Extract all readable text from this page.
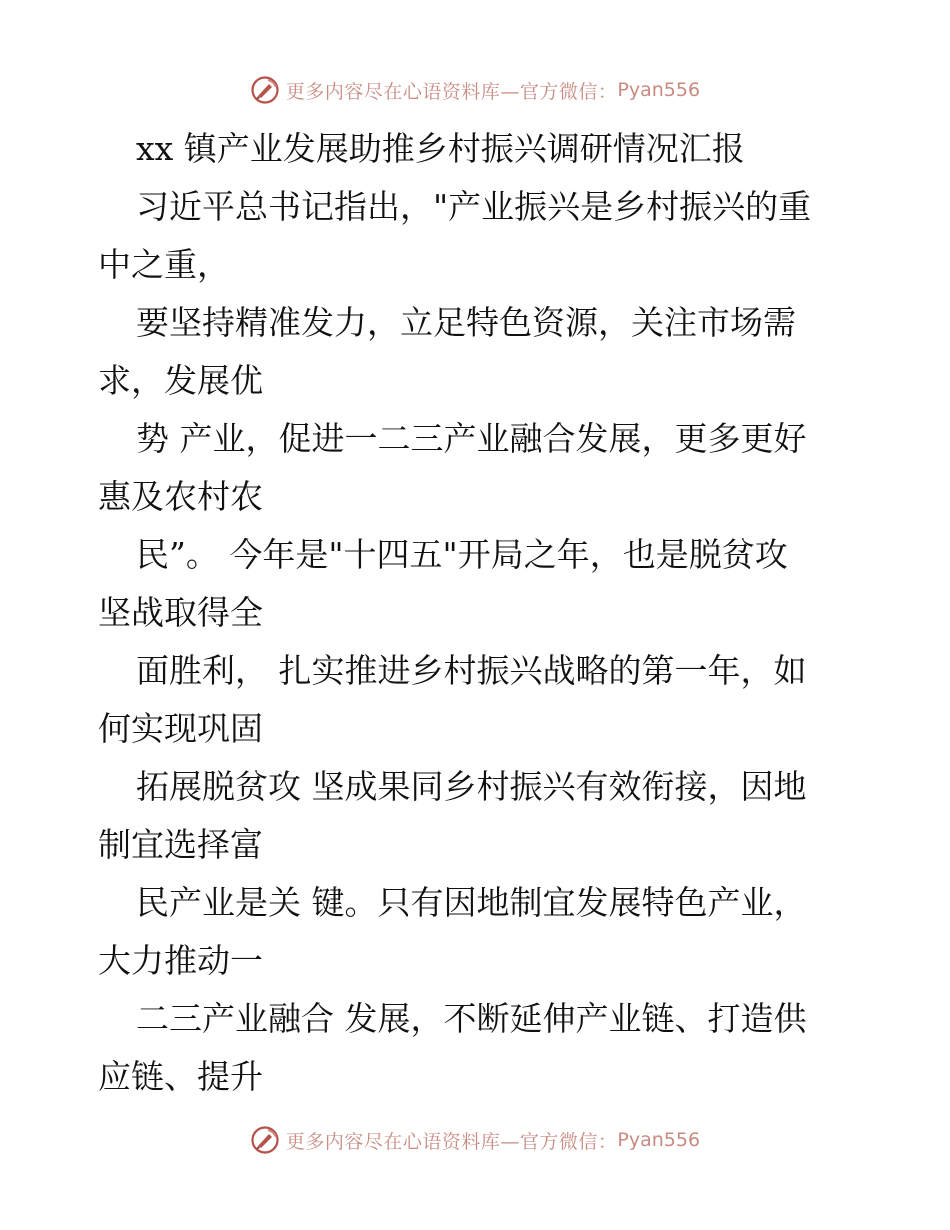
更多内容尽在心语资料库—官方微信： Pyan556
xx 镇产业发展助推乡村振兴调研情况汇报
习近平总书记指出，"产业振兴是乡村振兴的重
中之重，
要坚持精准发力，立足特色资源，关注市场需
求，发展优
势 产业，促进一二三产业融合发展，更多更好
惠及农村农
民”。 今年是"十四五"开局之年，也是脱贫攻
坚战取得全
面胜利， 扎实推进乡村振兴战略的第一年，如
何实现巩固
拓展脱贫攻 坚成果同乡村振兴有效衔接，因地
制宜选择富
民产业是关 键。只有因地制宜发展特色产业，
大力推动一
二三产业融合 发展，不断延伸产业链、打造供
应链、提升
更多内容尽在心语资料库—官方微信： Pyan556
